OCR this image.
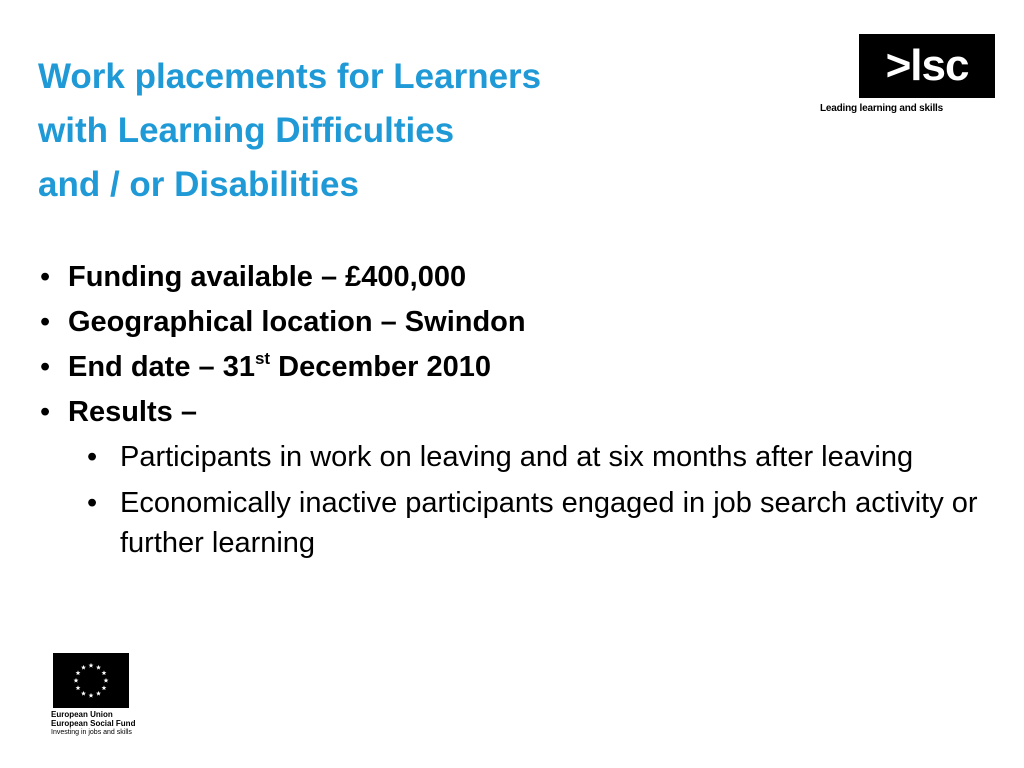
Work placements for Learners
with Learning Difficulties
and / or Disabilities
>lsc
Leading learning and skills
• Funding available – £400,000
• Geographical location – Swindon
• End date – 31st December 2010
• Results –
• Participants in work on leaving and at six months after leaving
• Economically inactive participants engaged in job search activity or further learning
European Union
European Social Fund
Investing in jobs and skills
